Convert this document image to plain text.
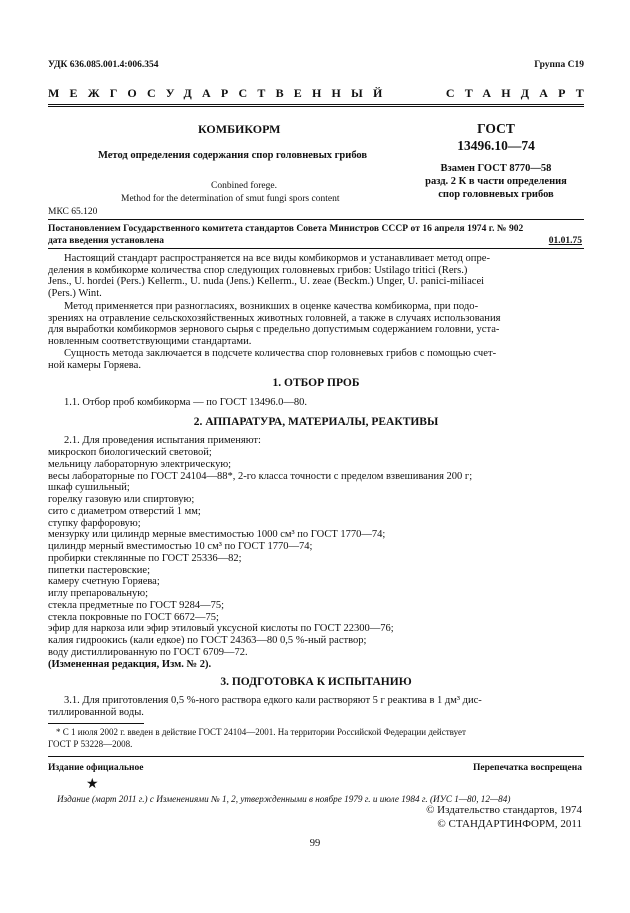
УДК 636.085.001.4:006.354	Группа С19
МЕЖГОСУДАРСТВЕННЫЙ	СТАНДАРТ
КОМБИКОРМ
Метод определения содержания спор головневых грибов
Conbined forege.
Method for the determination of smut fungi spors content
МКС 65.120
ГОСТ
13496.10—74
Взамен ГОСТ 8770—58
разд. 2 К в части определения
спор головневых грибов
Постановлением Государственного комитета стандартов Совета Министров СССР от 16 апреля 1974 г. № 902
дата введения установлена	01.01.75
Настоящий стандарт распространяется на все виды комбикормов и устанавливает метод опре-
деления в комбикорме количества спор следующих головневых грибов: Ustilago tritici (Rers.)
Jens., U. hordei (Pers.) Kellerm., U. nuda (Jens.) Kellerm., U. zeae (Beckm.) Unger, U. panici-miliacei
(Pers.) Wint.
Метод применяется при разногласиях, возникших в оценке качества комбикорма, при подо-
зрениях на отравление сельскохозяйственных животных головней, а также в случаях использования
для выработки комбикормов зернового сырья с предельно допустимым содержанием головни, уста-
новленным соответствующими стандартами.
Сущность метода заключается в подсчете количества спор головневых грибов с помощью счет-
ной камеры Горяева.
1. ОТБОР ПРОБ
1.1. Отбор проб комбикорма — по ГОСТ 13496.0—80.
2. АППАРАТУРА, МАТЕРИАЛЫ, РЕАКТИВЫ
2.1. Для проведения испытания применяют:
микроскоп биологический световой;
мельницу лабораторную электрическую;
весы лабораторные по ГОСТ 24104—88*, 2-го класса точности с пределом взвешивания 200 г;
шкаф сушильный;
горелку газовую или спиртовую;
сито с диаметром отверстий 1 мм;
ступку фарфоровую;
мензурку или цилиндр мерные вместимостью 1000 см³ по ГОСТ 1770—74;
цилиндр мерный вместимостью 10 см³ по ГОСТ 1770—74;
пробирки стеклянные по ГОСТ 25336—82;
пипетки пастеровские;
камеру счетную Горяева;
иглу препаровальную;
стекла предметные по ГОСТ 9284—75;
стекла покровные по ГОСТ 6672—75;
эфир для наркоза или эфир этиловый уксусной кислоты по ГОСТ 22300—76;
калия гидроокись (кали едкое) по ГОСТ 24363—80 0,5 %-ный раствор;
воду дистиллированную по ГОСТ 6709—72.
(Измененная редакция, Изм. № 2).
3. ПОДГОТОВКА К ИСПЫТАНИЮ
3.1. Для приготовления 0,5 %-ного раствора едкого кали растворяют 5 г реактива в 1 дм³ дис-
тиллированной воды.
* С 1 июля 2002 г. введен в действие ГОСТ 24104—2001. На территории Российской Федерации действует
ГОСТ Р 53228—2008.
Издание официальное	Перепечатка воспрещена
★
Издание (март 2011 г.) с Изменениями № 1, 2, утвержденными в ноябре 1979 г. и июле 1984 г. (ИУС 1—80, 12—84)
© Издательство стандартов, 1974
© СТАНДАРТИНФОРМ, 2011
99
